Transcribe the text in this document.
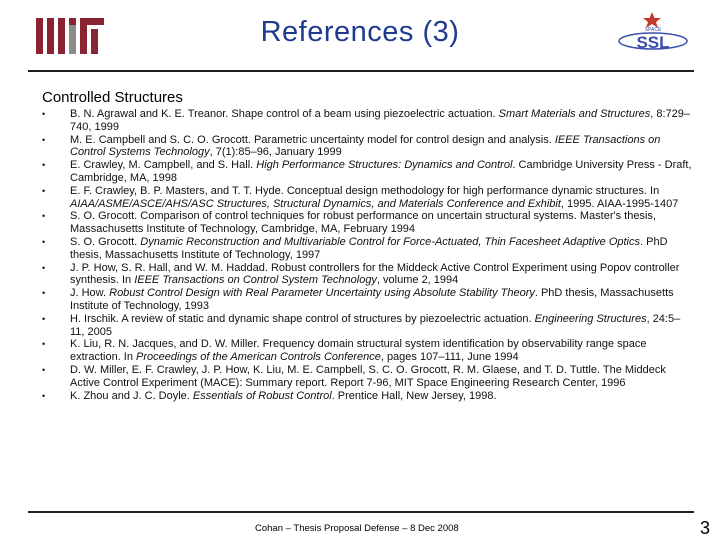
References (3)	SPACE
SSL
Controlled Structures
•	B. N. Agrawal and K. E. Treanor. Shape control of a beam using piezoelectric actuation. Smart Materials and Structures, 8:729–740, 1999
•	M. E. Campbell and S. C. O. Grocott. Parametric uncertainty model for control design and analysis. IEEE Transactions on Control Systems Technology, 7(1):85–96, January 1999
•	E. Crawley, M. Campbell, and S. Hall. High Performance Structures: Dynamics and Control. Cambridge University Press - Draft, Cambridge, MA, 1998
•	E. F. Crawley, B. P. Masters, and T. T. Hyde. Conceptual design methodology for high performance dynamic structures. In AIAA/ASME/ASCE/AHS/ASC Structures, Structural Dynamics, and Materials Conference and Exhibit, 1995. AIAA-1995-1407
•	S. O. Grocott. Comparison of control techniques for robust performance on uncertain structural systems. Master's thesis, Massachusetts Institute of Technology, Cambridge, MA, February 1994
•	S. O. Grocott. Dynamic Reconstruction and Multivariable Control for Force-Actuated, Thin Facesheet Adaptive Optics. PhD thesis, Massachusetts Institute of Technology, 1997
•	J. P. How, S. R. Hall, and W. M. Haddad. Robust controllers for the Middeck Active Control Experiment using Popov controller synthesis. In IEEE Transactions on Control System Technology, volume 2, 1994
•	J. How. Robust Control Design with Real Parameter Uncertainty using Absolute Stability Theory. PhD thesis, Massachusetts Institute of Technology, 1993
•	H. Irschik. A review of static and dynamic shape control of structures by piezoelectric actuation. Engineering Structures, 24:5–11, 2005
•	K. Liu, R. N. Jacques, and D. W. Miller. Frequency domain structural system identification by observability range space extraction. In Proceedings of the American Controls Conference, pages 107–111, June 1994
•	D. W. Miller, E. F. Crawley, J. P. How, K. Liu, M. E. Campbell, S. C. O. Grocott, R. M. Glaese, and T. D. Tuttle. The Middeck Active Control Experiment (MACE): Summary report. Report 7-96, MIT Space Engineering Research Center, 1996
•	K. Zhou and J. C. Doyle. Essentials of Robust Control. Prentice Hall, New Jersey, 1998.
Cohan – Thesis Proposal Defense – 8 Dec 2008	3
